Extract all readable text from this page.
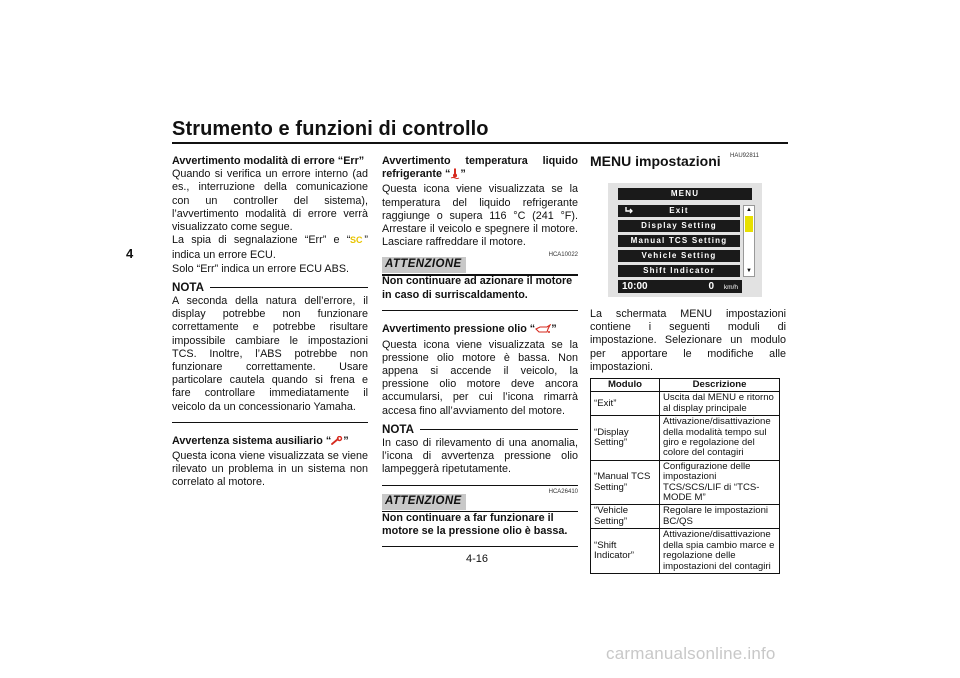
Strumento e funzioni di controllo
4

Avvertimento modalità di errore “Err”

Quando si verifica un errore interno (ad es., interruzione della comunicazione con un controller del sistema), l’avvertimento modalità di errore verrà visualizzato come segue.

La spia di segnalazione “Err” e “ SC ” indica un errore ECU.

Solo “Err” indica un errore ECU ABS.

NOTA

A seconda della natura dell’errore, il display potrebbe non funzionare correttamente e potrebbe risultare impossibile cambiare le impostazioni TCS. Inoltre, l’ABS potrebbe non funzionare correttamente. Usare particolare cautela quando si frena e fare controllare immediatamente il veicolo da un concessionario Yamaha.

Avvertenza sistema ausiliario “ ”

Questa icona viene visualizzata se viene rilevato un problema in un sistema non correlato al motore.

Avvertimento temperatura liquido refrigerante “ ”

Questa icona viene visualizzata se la temperatura del liquido refrigerante raggiunge o supera 116 °C (241 °F). Arrestare il veicolo e spegnere il motore. Lasciare raffreddare il motore.

ATTENZIONE
HCA10022

Non continuare ad azionare il motore in caso di surriscaldamento.

Avvertimento pressione olio “ ”

Questa icona viene visualizzata se la pressione olio motore è bassa. Non appena si accende il veicolo, la pressione olio motore deve ancora accumularsi, per cui l’icona rimarrà accesa fino all’avviamento del motore.

NOTA

In caso di rilevamento di una anomalia, l’icona di avvertenza pressione olio lampeggerà ripetutamente.

ATTENZIONE
HCA26410

Non continuare a far funzionare il motore se la pressione olio è bassa.

HAU92811
MENU impostazioni
MENU
Exit
Display Setting
Manual TCS Setting
Vehicle Setting
Shift Indicator
▲
▼
10:00	0 km/h

La schermata MENU impostazioni contiene i seguenti moduli di impostazione. Selezionare un modulo per apportare le modifiche alle impostazioni.

Modulo	Descrizione
“Exit”	Uscita dal MENU e ritorno al display principale
“Display Setting”	Attivazione/disattivazione della modalità tempo sul giro e regolazione del colore del contagiri
“Manual TCS Setting”	Configurazione delle impostazioni TCS/SCS/LIF di “TCS-MODE M”
“Vehicle Setting”	Regolare le impostazioni BC/QS
“Shift Indicator”	Attivazione/disattivazione della spia cambio marce e regolazione delle impostazioni del contagiri
4-16
carmanualsonline.info
